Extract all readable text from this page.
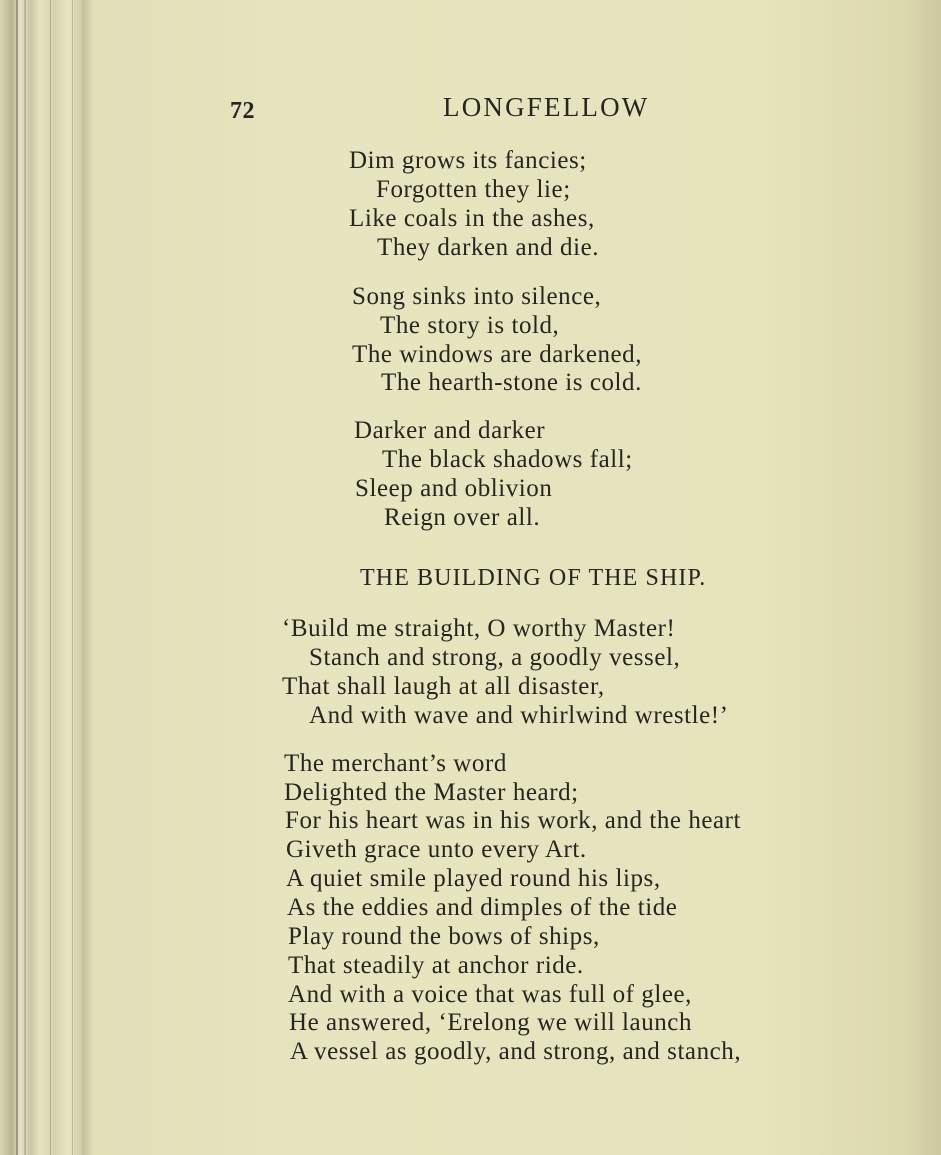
72	LONGFELLOW
Dim grows its fancies;
Forgotten they lie;
Like coals in the ashes,
They darken and die.
Song sinks into silence,
The story is told,
The windows are darkened,
The hearth-stone is cold.
Darker and darker
The black shadows fall;
Sleep and oblivion
Reign over all.
THE BUILDING OF THE SHIP.
‘Build me straight, O worthy Master!
Stanch and strong, a goodly vessel,
That shall laugh at all disaster,
And with wave and whirlwind wrestle!’
The merchant’s word
Delighted the Master heard;
For his heart was in his work, and the heart
Giveth grace unto every Art.
A quiet smile played round his lips,
As the eddies and dimples of the tide
Play round the bows of ships,
That steadily at anchor ride.
And with a voice that was full of glee,
He answered, ‘Erelong we will launch
A vessel as goodly, and strong, and stanch,
